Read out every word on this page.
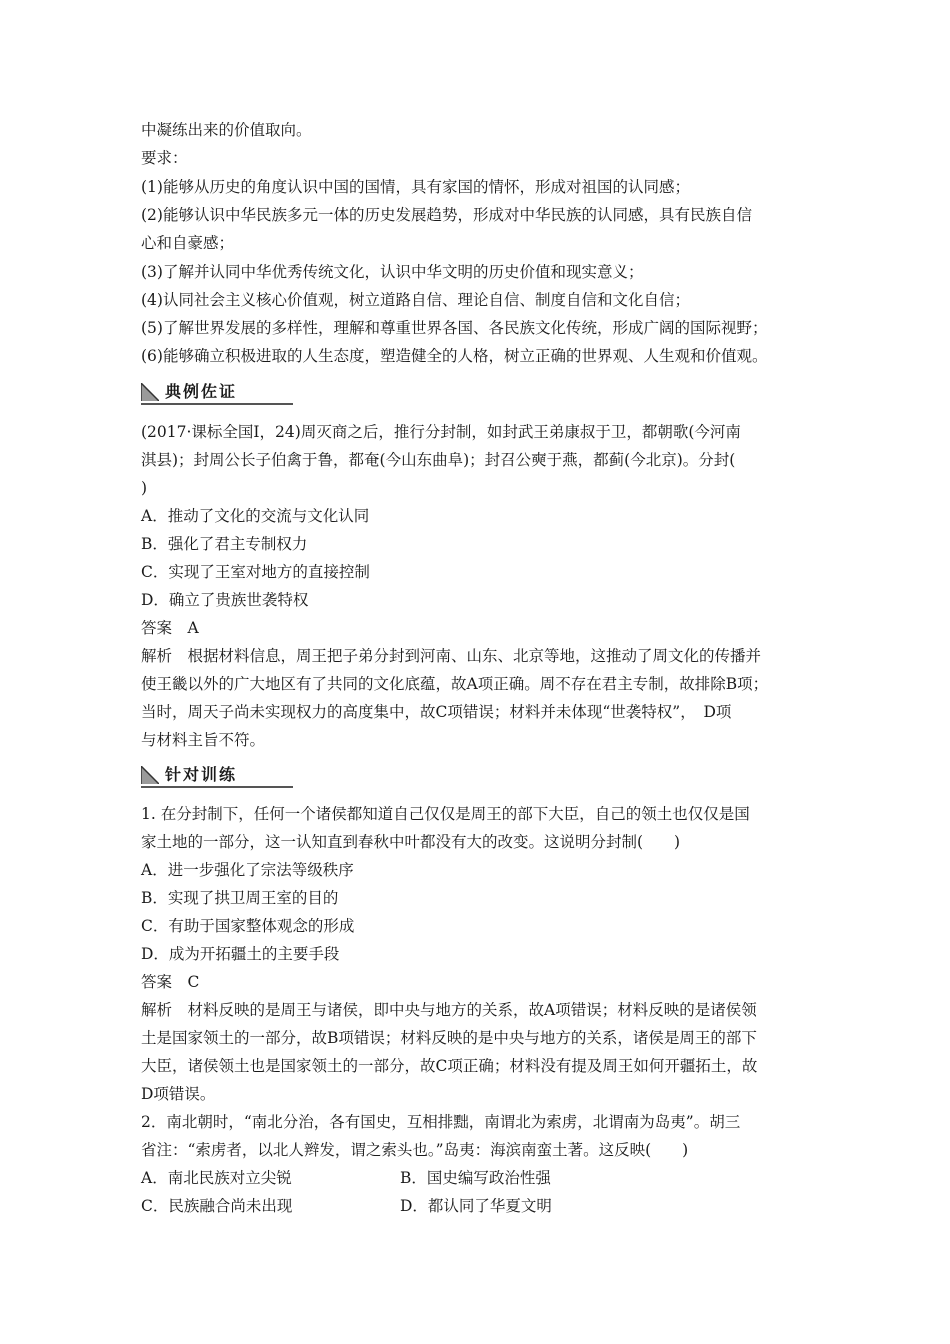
中凝练出来的价值取向。
要求：
(1)能够从历史的角度认识中国的国情，具有家国的情怀，形成对祖国的认同感；
(2)能够认识中华民族多元一体的历史发展趋势，形成对中华民族的认同感，具有民族自信
心和自豪感；
(3)了解并认同中华优秀传统文化，认识中华文明的历史价值和现实意义；
(4)认同社会主义核心价值观，树立道路自信、理论自信、制度自信和文化自信；
(5)了解世界发展的多样性，理解和尊重世界各国、各民族文化传统，形成广阔的国际视野；
(6)能够确立积极进取的人生态度，塑造健全的人格，树立正确的世界观、人生观和价值观。
典例佐证
(2017·课标全国Ⅰ，24)周灭商之后，推行分封制，如封武王弟康叔于卫，都朝歌(今河南
淇县)；封周公长子伯禽于鲁，都奄(今山东曲阜)；封召公奭于燕，都蓟(今北京)。分封(
)
A．推动了文化的交流与文化认同
B．强化了君主专制权力
C．实现了王室对地方的直接控制
D．确立了贵族世袭特权
答案　A
解析　根据材料信息，周王把子弟分封到河南、山东、北京等地，这推动了周文化的传播并
使王畿以外的广大地区有了共同的文化底蕴，故A项正确。周不存在君主专制，故排除B项；
当时，周天子尚未实现权力的高度集中，故C项错误；材料并未体现“世袭特权”，　D项
与材料主旨不符。
针对训练
1. 在分封制下，任何一个诸侯都知道自己仅仅是周王的部下大臣，自己的领土也仅仅是国
家土地的一部分，这一认知直到春秋中叶都没有大的改变。这说明分封制(　　)
A．进一步强化了宗法等级秩序
B．实现了拱卫周王室的目的
C．有助于国家整体观念的形成
D．成为开拓疆土的主要手段
答案　C
解析　材料反映的是周王与诸侯，即中央与地方的关系，故A项错误；材料反映的是诸侯领
土是国家领土的一部分，故B项错误；材料反映的是中央与地方的关系，诸侯是周王的部下
大臣，诸侯领土也是国家领土的一部分，故C项正确；材料没有提及周王如何开疆拓土，故
D项错误。
2．南北朝时，“南北分治，各有国史，互相排黜，南谓北为索虏，北谓南为岛夷”。胡三
省注：“索虏者，以北人辫发，谓之索头也。”岛夷：海滨南蛮土著。这反映(　　)
A．南北民族对立尖锐	B．国史编写政治性强
C．民族融合尚未出现	D．都认同了华夏文明
